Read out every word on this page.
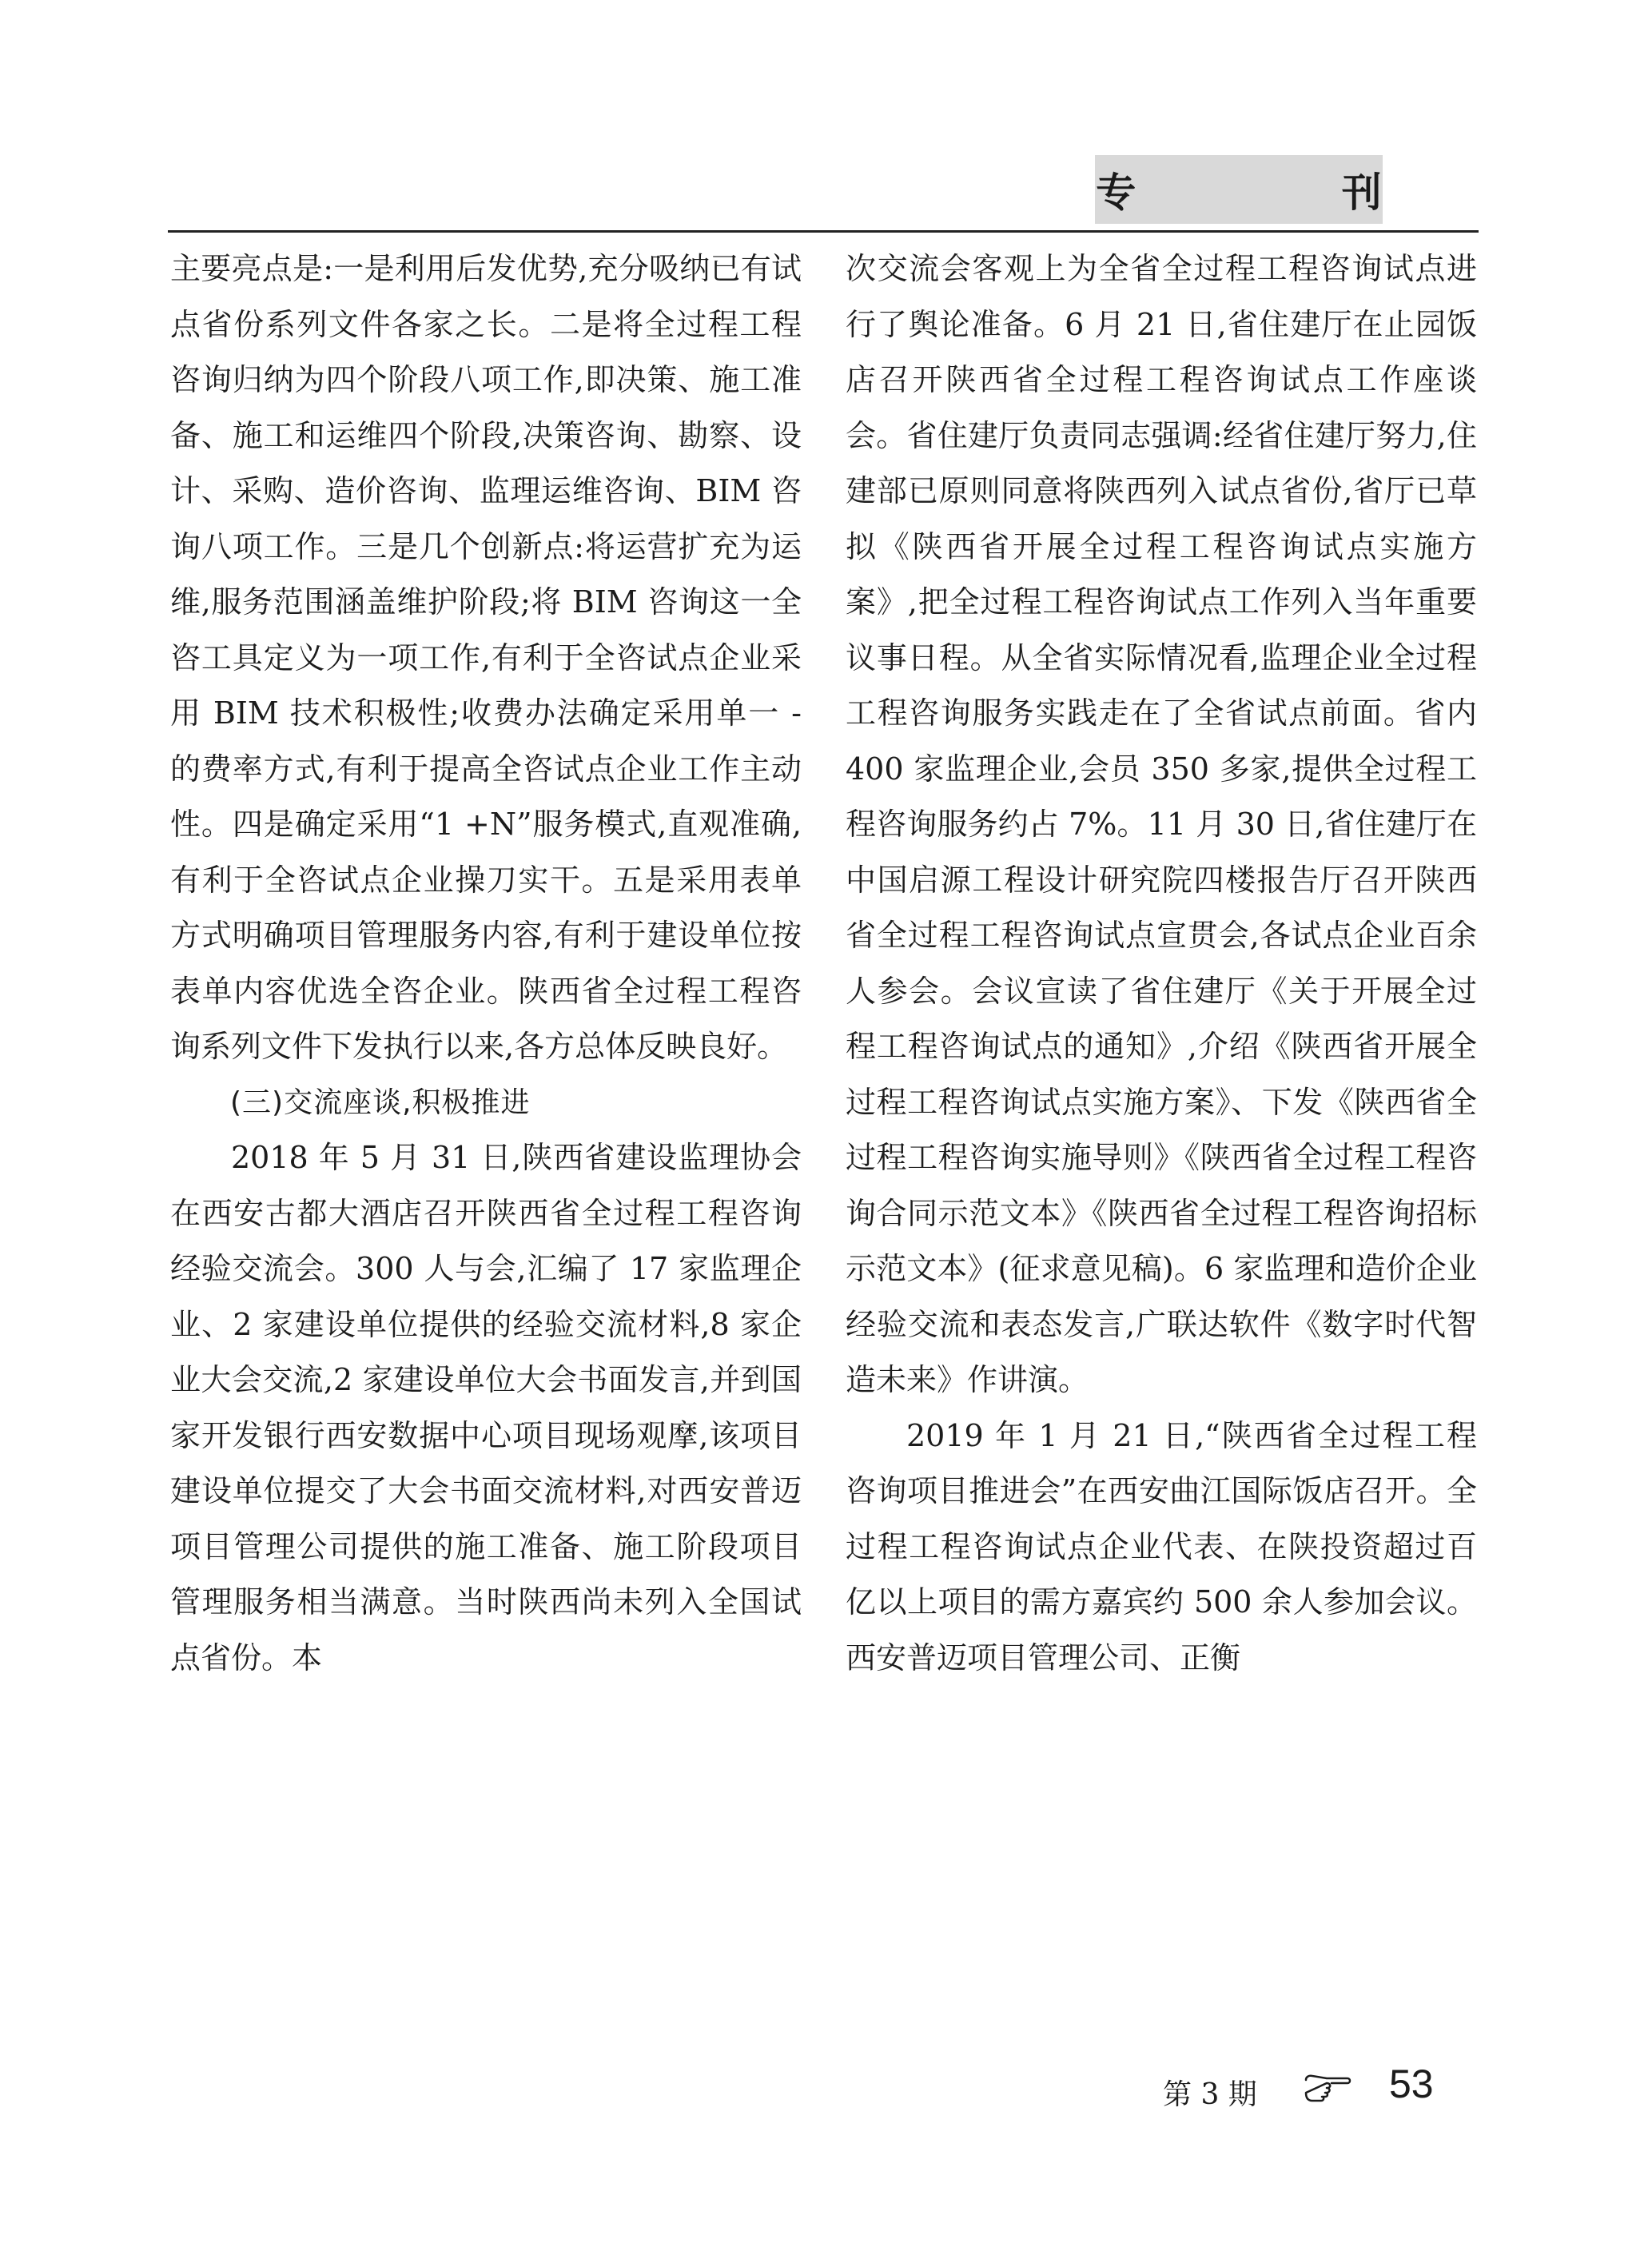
专 刊

主要亮点是:一是利用后发优势,充分吸纳已有试点省份系列文件各家之长。二是将全过程工程咨询归纳为四个阶段八项工作,即决策、施工准备、施工和运维四个阶段,决策咨询、勘察、设计、采购、造价咨询、监理运维咨询、BIM 咨询八项工作。三是几个创新点:将运营扩充为运维,服务范围涵盖维护阶段;将 BIM 咨询这一全咨工具定义为一项工作,有利于全咨试点企业采用 BIM 技术积极性;收费办法确定采用单一 - 的费率方式,有利于提高全咨试点企业工作主动性。四是确定采用“1 +N”服务模式,直观准确,有利于全咨试点企业操刀实干。五是采用表单方式明确项目管理服务内容,有利于建设单位按表单内容优选全咨企业。陕西省全过程工程咨询系列文件下发执行以来,各方总体反映良好。

(三)交流座谈,积极推进

2018 年 5 月 31 日,陕西省建设监理协会在西安古都大酒店召开陕西省全过程工程咨询经验交流会。300 人与会,汇编了 17 家监理企业、2 家建设单位提供的经验交流材料,8 家企业大会交流,2 家建设单位大会书面发言,并到国家开发银行西安数据中心项目现场观摩,该项目建设单位提交了大会书面交流材料,对西安普迈项目管理公司提供的施工准备、施工阶段项目管理服务相当满意。当时陕西尚未列入全国试点省份。本

次交流会客观上为全省全过程工程咨询试点进行了舆论准备。6 月 21 日,省住建厅在止园饭店召开陕西省全过程工程咨询试点工作座谈会。省住建厅负责同志强调:经省住建厅努力,住建部已原则同意将陕西列入试点省份,省厅已草拟《陕西省开展全过程工程咨询试点实施方案》,把全过程工程咨询试点工作列入当年重要议事日程。从全省实际情况看,监理企业全过程工程咨询服务实践走在了全省试点前面。省内 400 家监理企业,会员 350 多家,提供全过程工程咨询服务约占 7%。11 月 30 日,省住建厅在中国启源工程设计研究院四楼报告厅召开陕西省全过程工程咨询试点宣贯会,各试点企业百余人参会。会议宣读了省住建厅《关于开展全过程工程咨询试点的通知》,介绍《陕西省开展全过程工程咨询试点实施方案》、下发《陕西省全过程工程咨询实施导则》《陕西省全过程工程咨询合同示范文本》《陕西省全过程工程咨询招标示范文本》(征求意见稿)。6 家监理和造价企业经验交流和表态发言,广联达软件《数字时代智造未来》作讲演。

2019 年 1 月 21 日,“陕西省全过程工程咨询项目推进会”在西安曲江国际饭店召开。全过程工程咨询试点企业代表、在陕投资超过百亿以上项目的需方嘉宾约 500 余人参加会议。西安普迈项目管理公司、正衡

第 3 期	53
